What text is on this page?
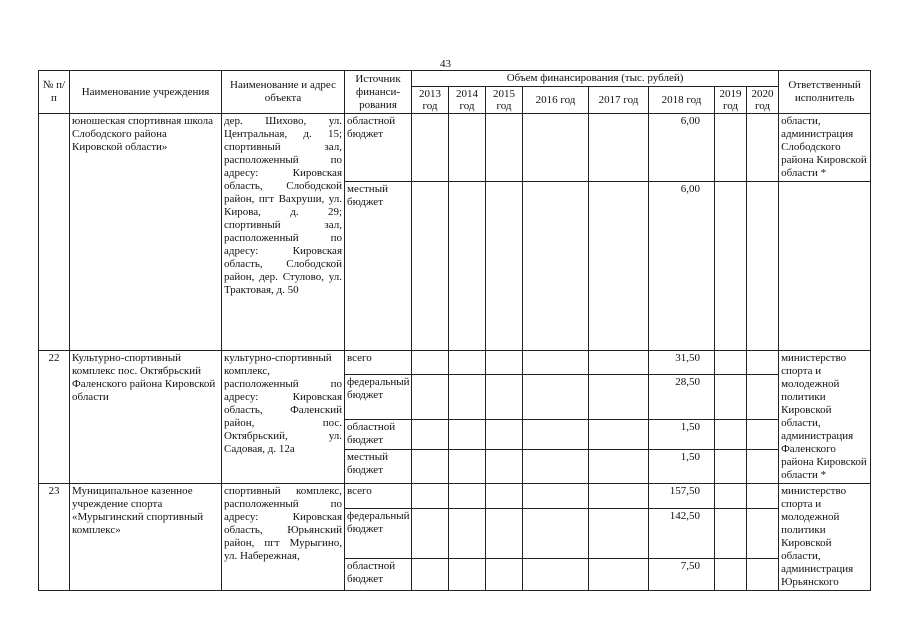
43
№ п/п	Наименование учреждения	Наименование и адрес объекта	Источник финанси-рования	Объем финансирования (тыс. рублей)								Ответственный исполнитель
				2013 год	2014 год	2015 год	2016 год	2017 год	2018 год	2019 год	2020 год	
	юношеская спортивная школа Слободского района Кировской области»	дер. Шихово, ул. Центральная, д. 15; спортивный зал, расположенный по адресу: Кировская область, Слободской район, пгт Вахруши, ул. Кирова, д. 29; спортивный зал, расположенный по адресу: Кировская область, Слободской район, дер. Стулово, ул. Трактовая, д. 50	областной бюджет						6,00			области, администрация Слободского района Кировской области *
			местный бюджет						6,00			
22	Культурно-спортивный комплекс пос. Октябрьский Фаленского района Кировской области	культурно-спортивный комплекс, расположенный по адресу: Кировская область, Фаленский район, пос. Октябрьский, ул. Садовая, д. 12а	всего						31,50			министерство спорта и молодежной политики Кировской области, администрация Фаленского района Кировской области *
			федеральный бюджет						28,50			
			областной бюджет						1,50			
			местный бюджет						1,50			
23	Муниципальное казенное учреждение спорта «Мурыгинский спортивный комплекс»	спортивный комплекс, расположенный по адресу: Кировская область, Юрьянский район, пгт Мурыгино, ул. Набережная,	всего						157,50			министерство спорта и молодежной политики Кировской области, администрация Юрьянского
			федеральный бюджет						142,50			
			областной бюджет						7,50			
